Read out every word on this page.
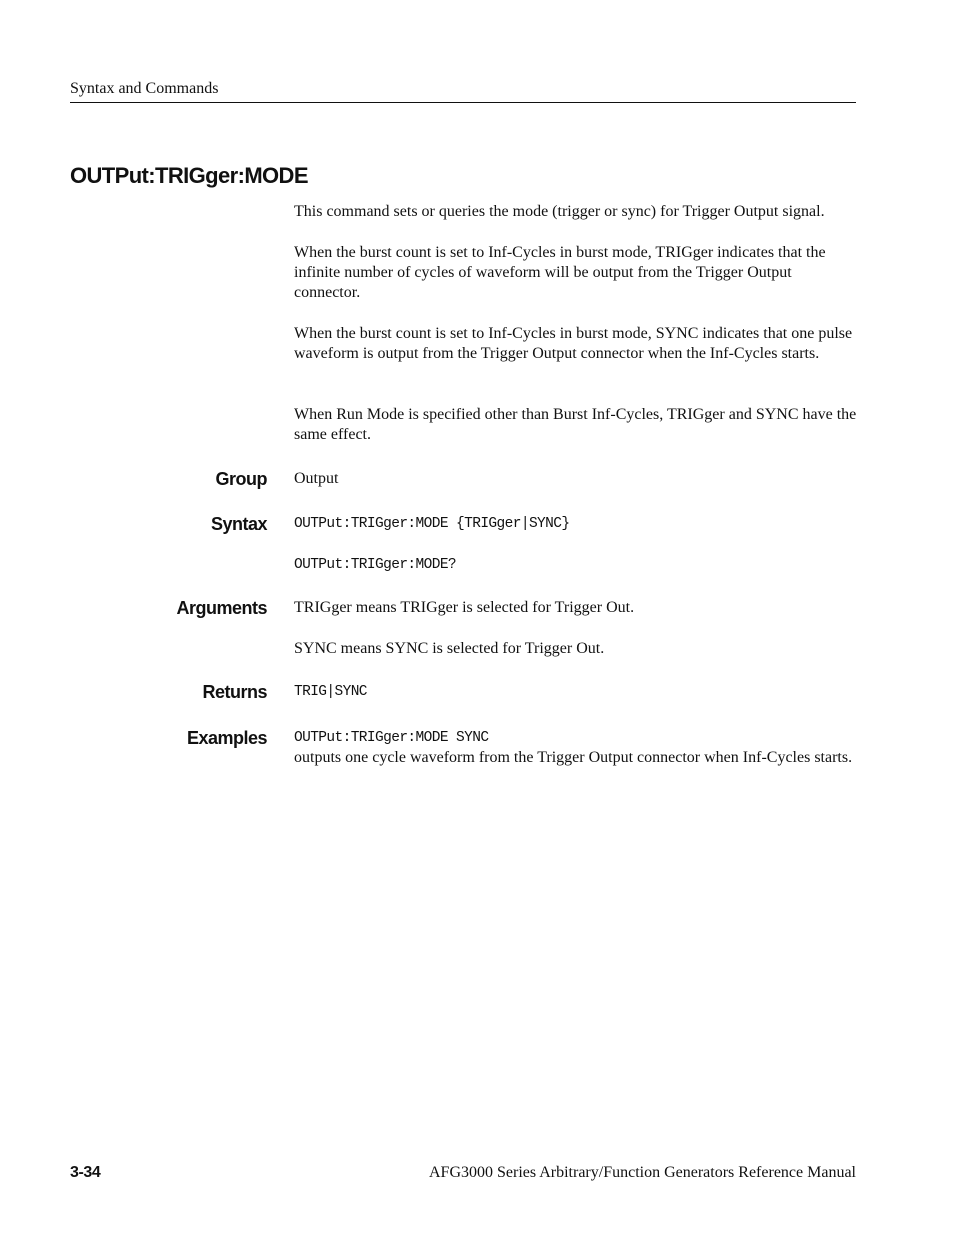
Syntax and Commands
OUTPut:TRIGger:MODE

This command sets or queries the mode (trigger or sync) for Trigger Output signal.

When the burst count is set to Inf-Cycles in burst mode, TRIGger indicates that the infinite number of cycles of waveform will be output from the Trigger Output connector.

When the burst count is set to Inf-Cycles in burst mode, SYNC indicates that one pulse waveform is output from the Trigger Output connector when the Inf-Cycles starts.

When Run Mode is specified other than Burst Inf-Cycles, TRIGger and SYNC have the same effect.

Group Output

Syntax OUTPut:TRIGger:MODE {TRIGger|SYNC}
OUTPut:TRIGger:MODE?
Arguments TRIGger means TRIGger is selected for Trigger Out.

SYNC means SYNC is selected for Trigger Out.

Returns TRIG|SYNC
Examples OUTPut:TRIGger:MODE SYNC

outputs one cycle waveform from the Trigger Output connector when Inf-Cycles starts.

3-34	AFG3000 Series Arbitrary/Function Generators Reference Manual
